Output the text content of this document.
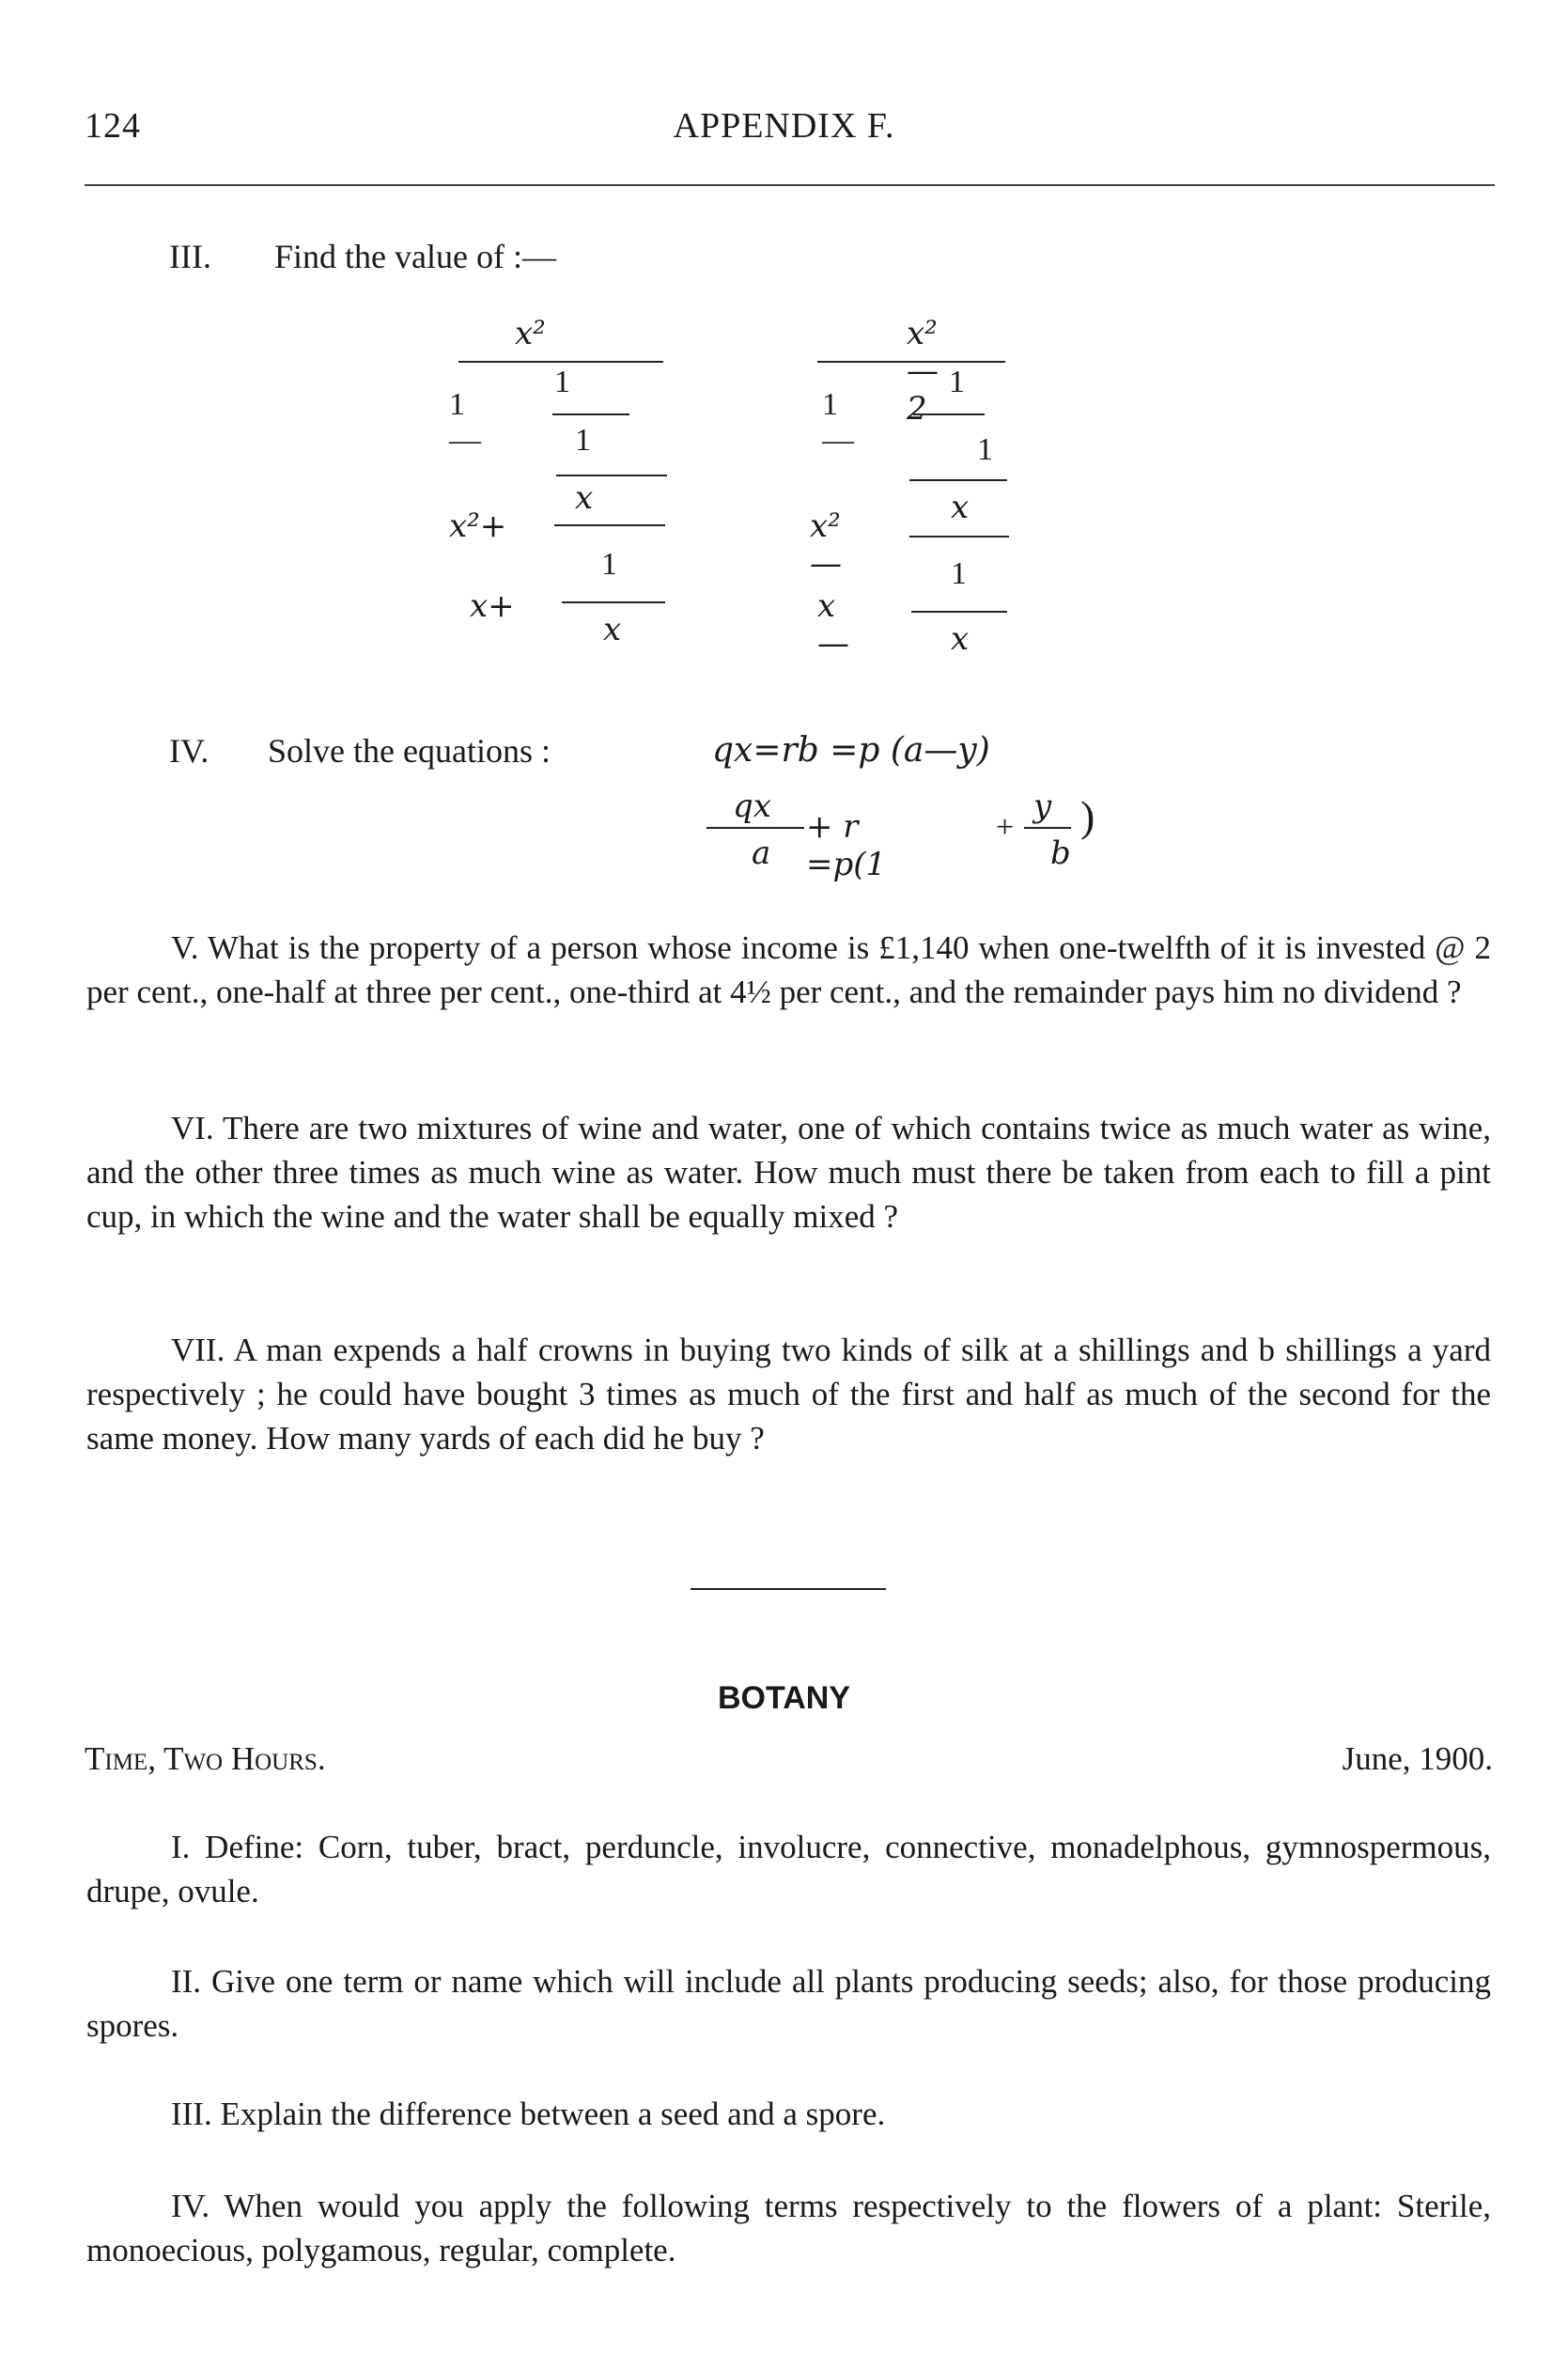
124	APPENDIX F.
III. Find the value of :—
x²
1—
1
1
x
x²+
1
x+
x
x²—2
1—
1
1
x
x²—	1
x—	x
IV. Solve the equations :	qx=rb =p (a—y)
qx
a
+ r =p(1
+
y
b
)
V. What is the property of a person whose income is £1,140 when one-twelfth of it is invested @ 2 per cent., one-half at three per cent., one-third at 4½ per cent., and the remainder pays him no dividend ?
VI. There are two mixtures of wine and water, one of which contains twice as much water as wine, and the other three times as much wine as water. How much must there be taken from each to fill a pint cup, in which the wine and the water shall be equally mixed ?
VII. A man expends a half crowns in buying two kinds of silk at a shillings and b shillings a yard respectively ; he could have bought 3 times as much of the first and half as much of the second for the same money. How many yards of each did he buy ?
BOTANY
Time, Two Hours.	June, 1900.
I. Define: Corn, tuber, bract, perduncle, involucre, connective, monadelphous, gymnospermous, drupe, ovule.
II. Give one term or name which will include all plants producing seeds; also, for those producing spores.
III. Explain the difference between a seed and a spore.
IV. When would you apply the following terms respectively to the flowers of a plant: Sterile, monoecious, polygamous, regular, complete.
